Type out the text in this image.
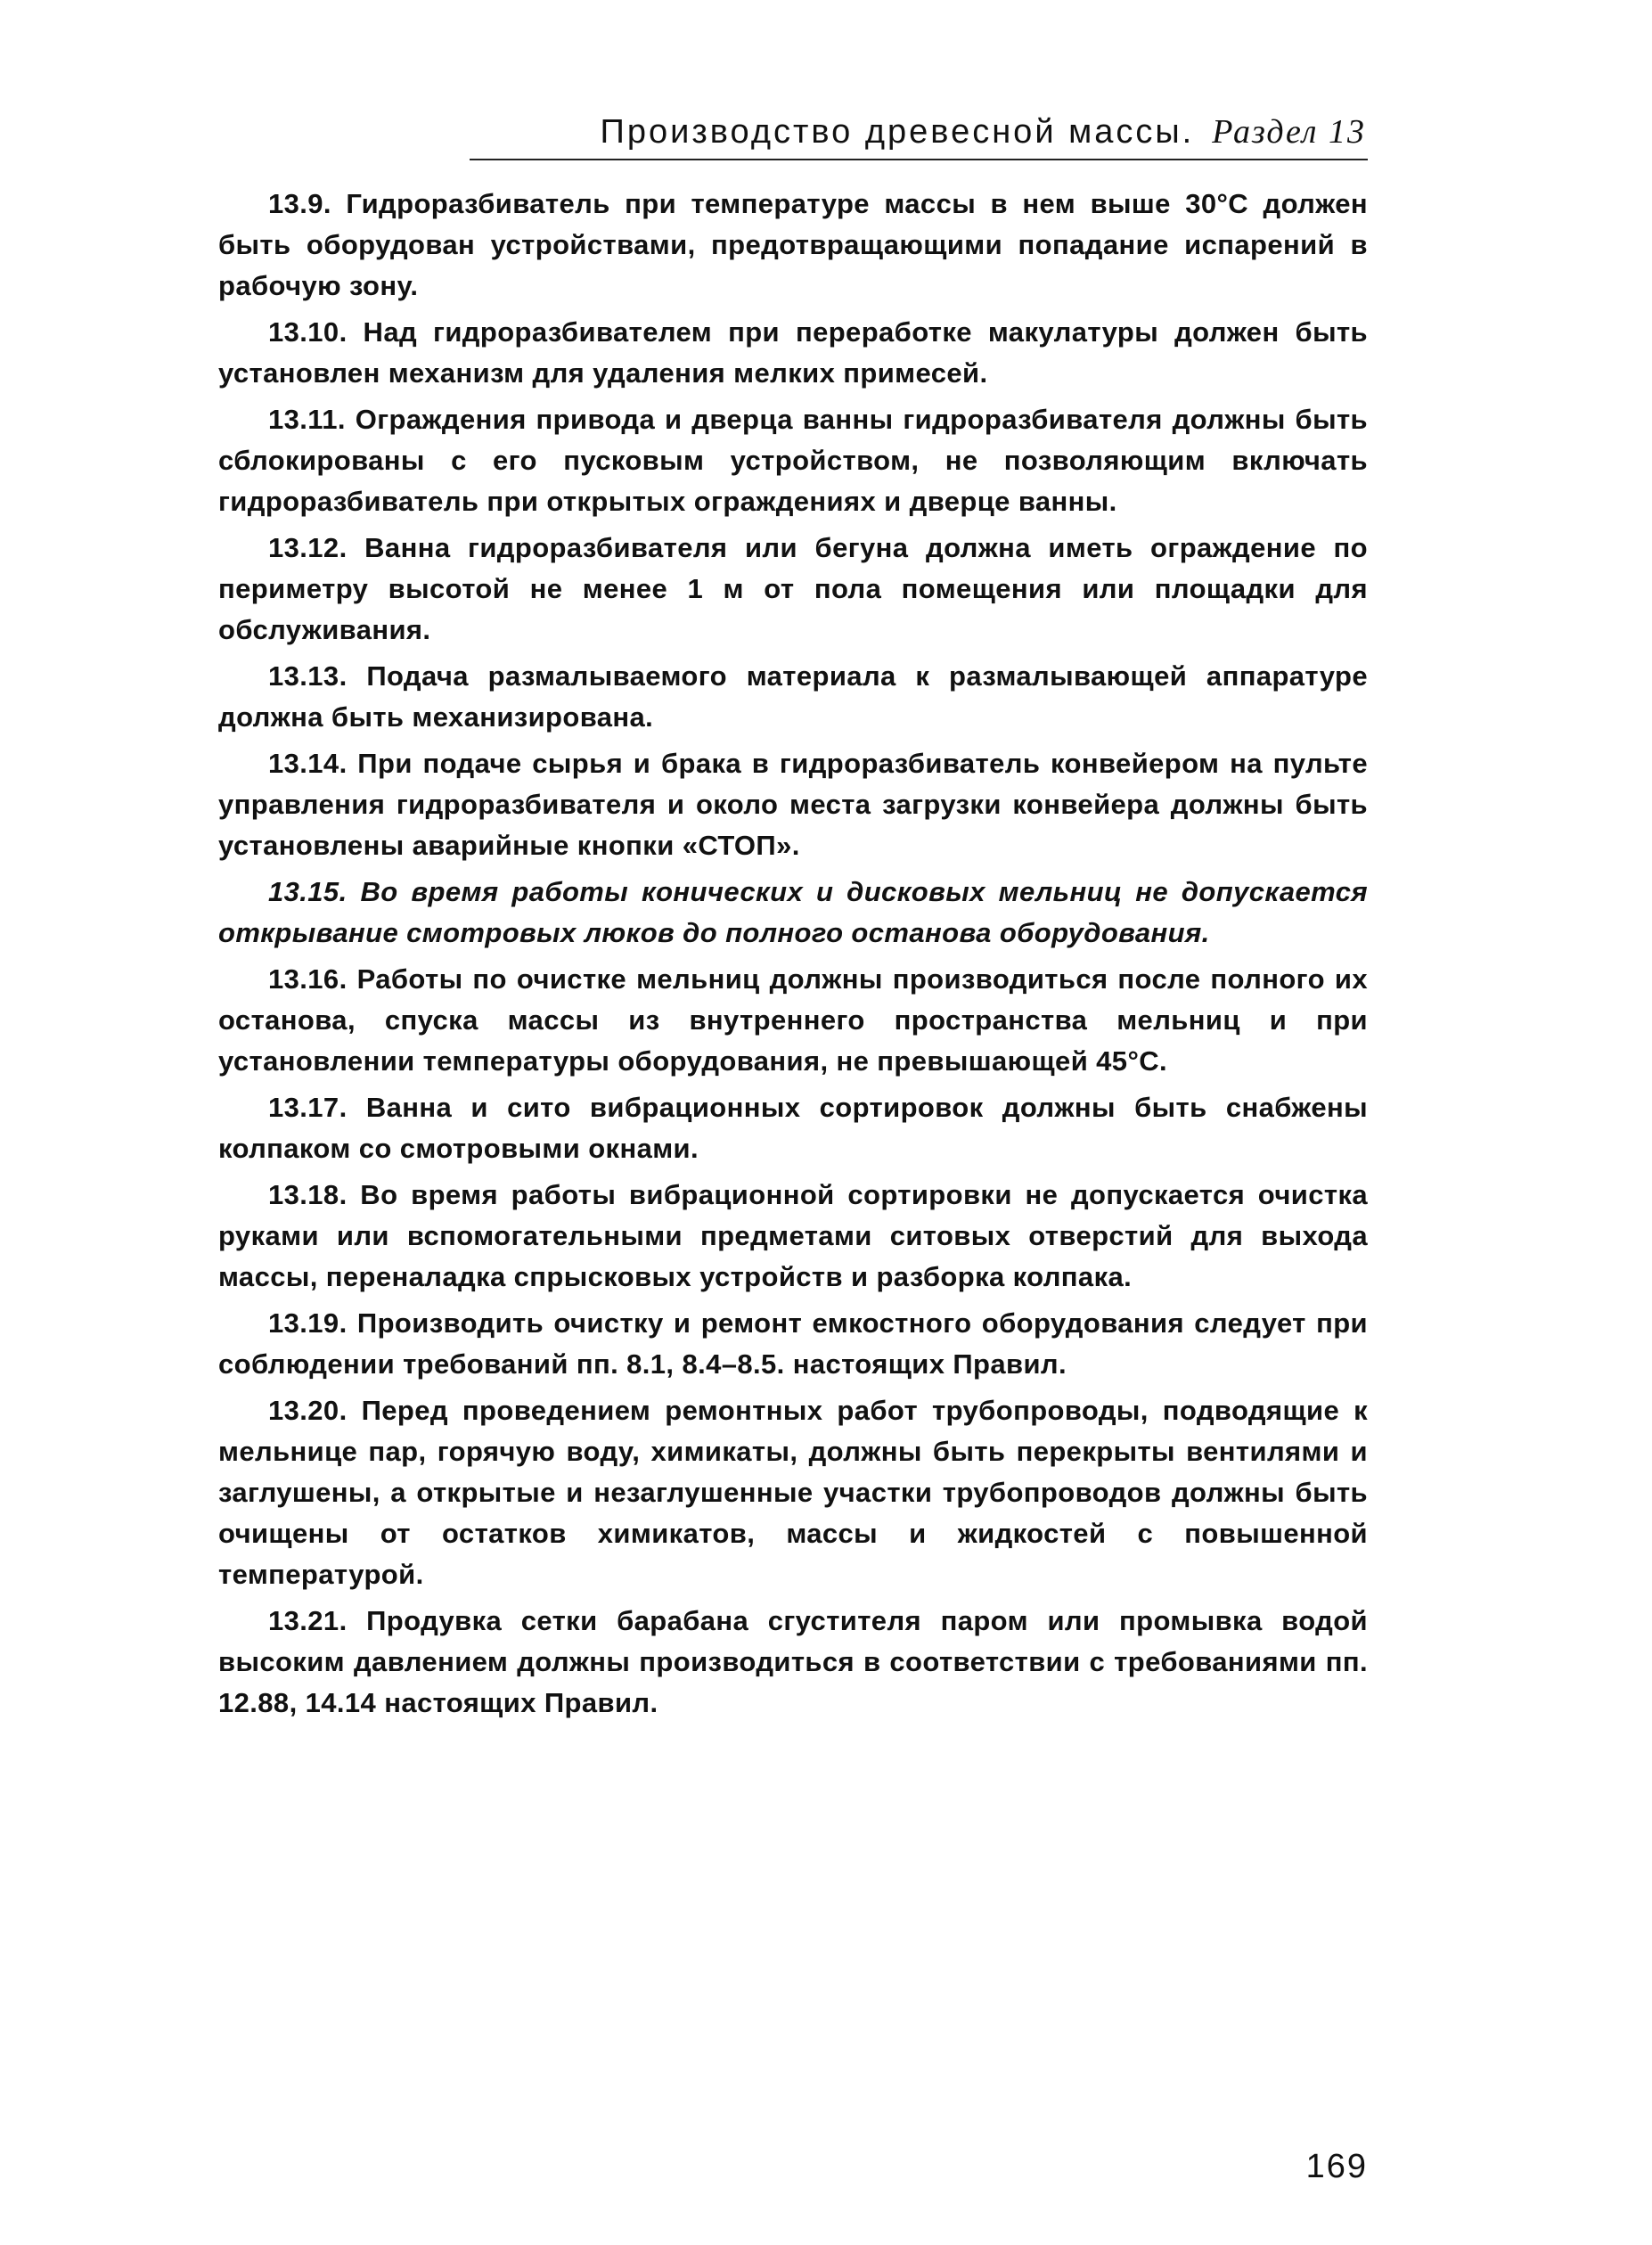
Производство древесной массы. Раздел 13

13.9. Гидроразбиватель при температуре массы в нем выше 30°С должен быть оборудован устройствами, предотвращающими попадание испарений в рабочую зону.

13.10. Над гидроразбивателем при переработке макулатуры должен быть установлен механизм для удаления мелких примесей.

13.11. Ограждения привода и дверца ванны гидроразбивателя должны быть сблокированы с его пусковым устройством, не позволяющим включать гидроразбиватель при открытых ограждениях и дверце ванны.

13.12. Ванна гидроразбивателя или бегуна должна иметь ограждение по периметру высотой не менее 1 м от пола помещения или площадки для обслуживания.

13.13. Подача размалываемого материала к размалывающей аппаратуре должна быть механизирована.

13.14. При подаче сырья и брака в гидроразбиватель конвейером на пульте управления гидроразбивателя и около места загрузки конвейера должны быть установлены аварийные кнопки «СТОП».

13.15. Во время работы конических и дисковых мельниц не допускается открывание смотровых люков до полного останова оборудования.

13.16. Работы по очистке мельниц должны производиться после полного их останова, спуска массы из внутреннего пространства мельниц и при установлении температуры оборудования, не превышающей 45°С.

13.17. Ванна и сито вибрационных сортировок должны быть снабжены колпаком со смотровыми окнами.

13.18. Во время работы вибрационной сортировки не допускается очистка руками или вспомогательными предметами ситовых отверстий для выхода массы, переналадка спрысковых устройств и разборка колпака.

13.19. Производить очистку и ремонт емкостного оборудования следует при соблюдении требований пп. 8.1, 8.4–8.5. настоящих Правил.

13.20. Перед проведением ремонтных работ трубопроводы, подводящие к мельнице пар, горячую воду, химикаты, должны быть перекрыты вентилями и заглушены, а открытые и незаглушенные участки трубопроводов должны быть очищены от остатков химикатов, массы и жидкостей с повышенной температурой.

13.21. Продувка сетки барабана сгустителя паром или промывка водой высоким давлением должны производиться в соответствии с требованиями пп. 12.88, 14.14 настоящих Правил.

169
